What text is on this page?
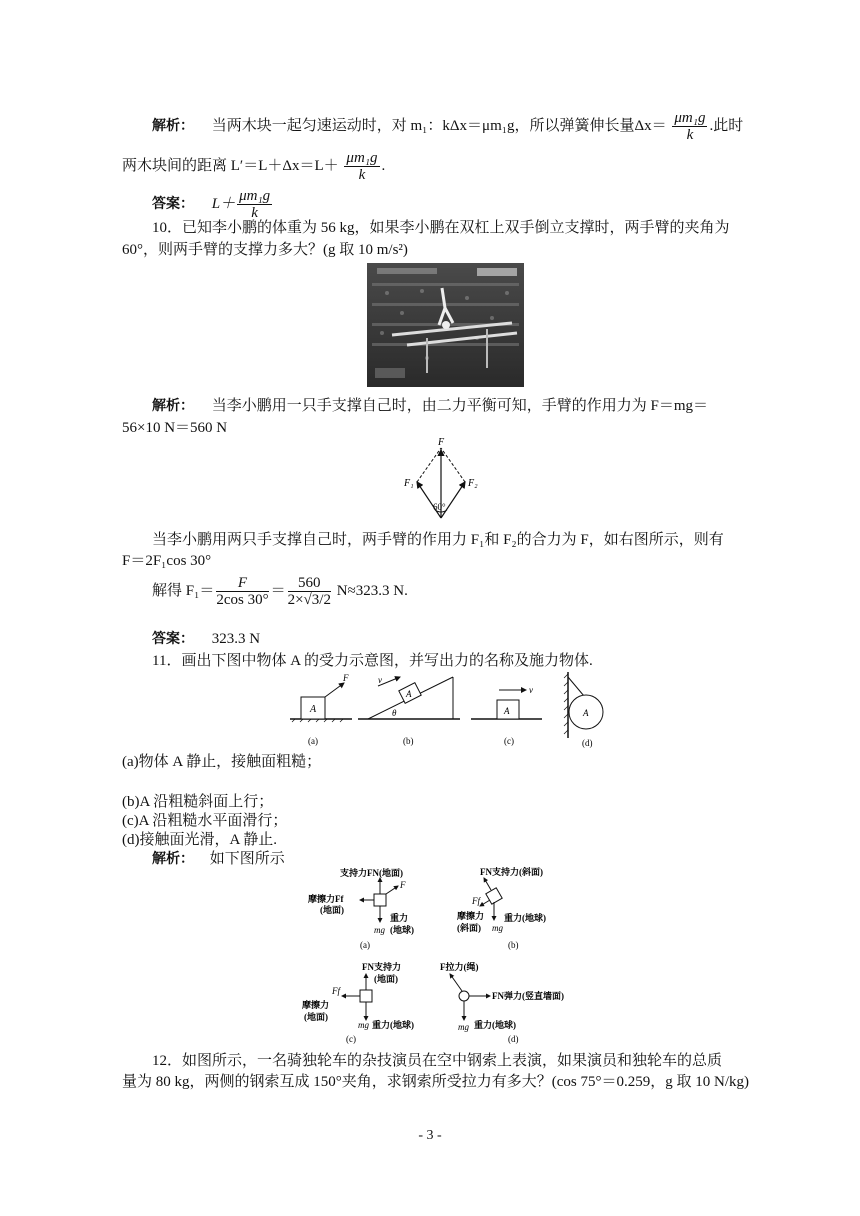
解析： 当两木块一起匀速运动时，对 m₁：kΔx＝μm₁g，所以弹簧伸长量$\Delta x= \frac{\text{μm₁g}}{k}$ .此时
两木块间的距离 $L'=L+\Delta x=L+ \frac{\text{μm₁g}}{k}$ .
答案： $L+ \frac{\text{μm₁g}}{k}$
10．已知李小鹏的体重为 56 kg，如果李小鹏在双杠上双手倒立支撑时，两手臂的夹角为
60°，则两手臂的支撑力多大？(g 取 10 m/s²)
解析： 当李小鹏用一只手支撑自己时，由二力平衡可知，手臂的作用力为 F＝mg＝
56×10 N＝560 N
F
F₁	F₂
60°
当李小鹏用两只手支撑自己时，两手臂的作用力 F₁和 F₂的合力为 F，如右图所示，则有
F＝2F₁cos 30°
解得 $F_1= \frac{F}{2\cos 30^\circ} = \frac{560}{2\times√3/2} N\approx 323.3$ N.
答案： 323.3 N
11．画出下图中物体 A 的受力示意图，并写出力的名称及施力物体.
A
F
(a)
A
v
θ
(b)
A
v
(c)
A
(d)
(a)物体 A 静止，接触面粗糙；
(b)A 沿粗糙斜面上行；
(c)A 沿粗糙水平面滑行；
(d)接触面光滑，A 静止.
解析： 如下图所示
支持力FN(地面)
摩擦力Ff
(地面)
F
重力
(地球)
mg
(a)
FN支持力(斜面)
Ff
摩擦力
(斜面) mg
重力(地球)
(b)
FN支持力
(地面)
Ff
摩擦力
(地面)
mg 重力(地球)
(c)
F拉力(绳)
FN弹力(竖直墙面)
mg 重力(地球)
(d)
12．如图所示，一名骑独轮车的杂技演员在空中钢索上表演，如果演员和独轮车的总质
量为 80 kg，两侧的钢索互成 150°夹角，求钢索所受拉力有多大？(cos 75°＝0.259，g 取 10 N/kg)
- 3 -
